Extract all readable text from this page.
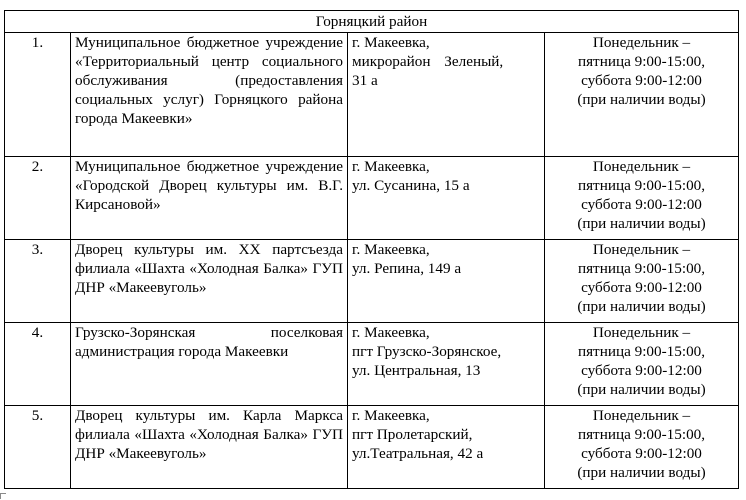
Горняцкий район			
1.	Муниципальное бюджетное учреждение «Территориальный центр социального обслуживания (предоставления социальных услуг) Горняцкого района города Макеевки»	г. Макеевка,
микрорайон Зеленый,
31 а	Понедельник –
пятница 9:00-15:00,
суббота 9:00-12:00
(при наличии воды)

2.	Муниципальное бюджетное учреждение «Городской Дворец культуры им. В.Г. Кирсановой»	г. Макеевка,
ул. Сусанина, 15 а	Понедельник –
пятница 9:00-15:00,
суббота 9:00-12:00
(при наличии воды)

3.	Дворец культуры им. ХХ партсъезда филиала «Шахта «Холодная Балка» ГУП ДНР «Макеевуголь»	г. Макеевка,
ул. Репина, 149 а	Понедельник –
пятница 9:00-15:00,
суббота 9:00-12:00
(при наличии воды)

4.	Грузско-Зорянская поселковая администрация города Макеевки	г. Макеевка,
пгт Грузско-Зорянское,
ул. Центральная, 13	Понедельник –
пятница 9:00-15:00,
суббота 9:00-12:00
(при наличии воды)

5.	Дворец культуры им. Карла Маркса филиала «Шахта «Холодная Балка» ГУП ДНР «Макеевуголь»	г. Макеевка,
пгт Пролетарский,
ул.Театральная, 42 а	Понедельник –
пятница 9:00-15:00,
суббота 9:00-12:00
(при наличии воды)
